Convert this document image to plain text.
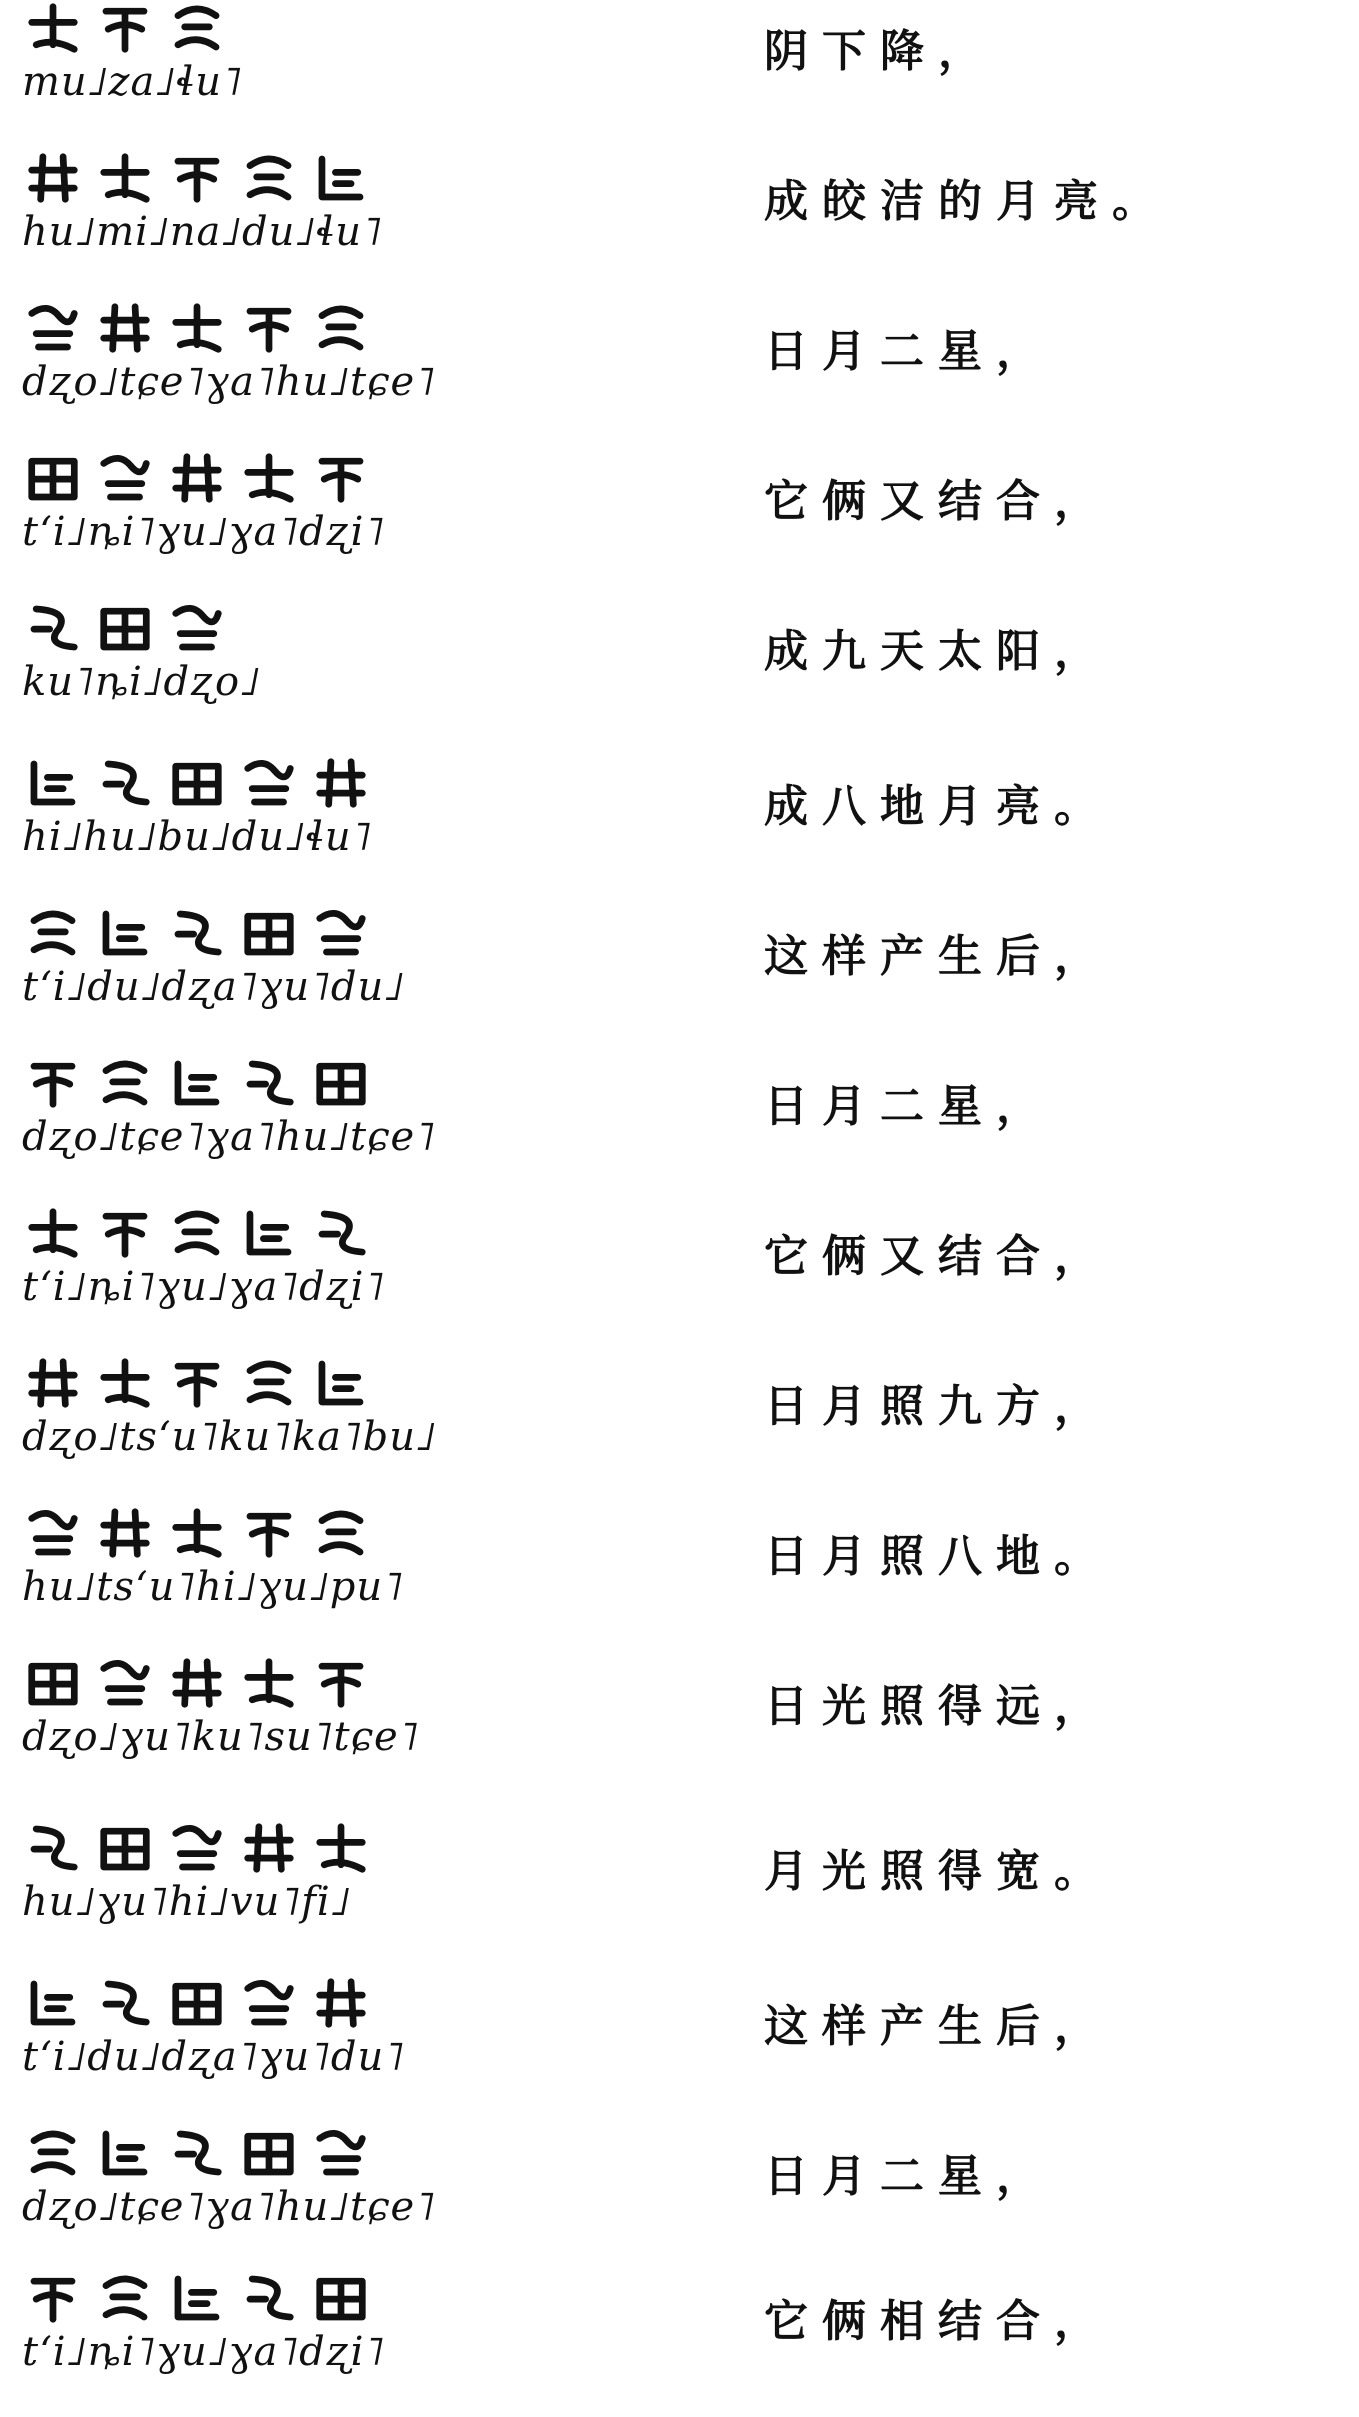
mu˩za˩ɬu˥
阴下降，
hu˩mi˩na˩du˩ɬu˥
成皎洁的月亮。
dʐo˩tɕe˥ɣa˥hu˩tɕe˥
日月二星，
tʻi˩ȵi˥ɣu˩ɣa˥dʐi˥
它俩又结合，
ku˥ȵi˩dʐo˩
成九天太阳，
hi˩hu˩bu˩du˩ɬu˥
成八地月亮。
tʻi˩du˩dʐa˥ɣu˥du˩
这样产生后，
dʐo˩tɕe˥ɣa˥hu˩tɕe˥
日月二星，
tʻi˩ȵi˥ɣu˩ɣa˥dʐi˥
它俩又结合，
dʐo˩tsʻu˥ku˥ka˥bu˩
日月照九方，
hu˩tsʻu˥hi˩ɣu˩pu˥
日月照八地。
dʐo˩ɣu˥ku˥su˥tɕe˥
日光照得远，
hu˩ɣu˥hi˩vu˥fi˩
月光照得宽。
tʻi˩du˩dʐa˥ɣu˥du˥
这样产生后，
dʐo˩tɕe˥ɣa˥hu˩tɕe˥
日月二星，
tʻi˩ȵi˥ɣu˩ɣa˥dʐi˥
它俩相结合，
